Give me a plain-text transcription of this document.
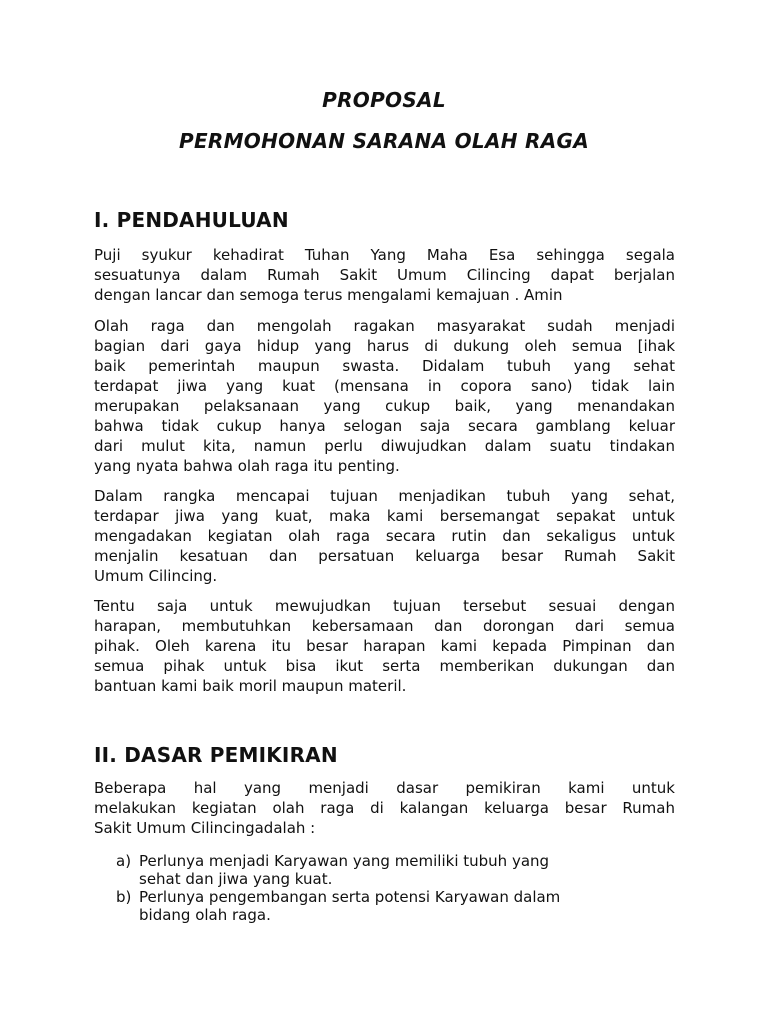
PROPOSAL
PERMOHONAN SARANA OLAH RAGA
I. PENDAHULUAN
Puji syukur kehadirat Tuhan Yang Maha Esa sehingga segala
sesuatunya dalam Rumah Sakit Umum Cilincing dapat berjalan
dengan lancar dan semoga terus mengalami kemajuan . Amin
Olah raga dan mengolah ragakan masyarakat sudah menjadi
bagian dari gaya hidup yang harus di dukung oleh semua [ihak
baik pemerintah maupun swasta. Didalam tubuh yang sehat
terdapat jiwa yang kuat (mensana in copora sano) tidak lain
merupakan pelaksanaan yang cukup baik, yang menandakan
bahwa tidak cukup hanya selogan saja secara gamblang keluar
dari mulut kita, namun perlu diwujudkan dalam suatu tindakan
yang nyata bahwa olah raga itu penting.
Dalam rangka mencapai tujuan menjadikan tubuh yang sehat,
terdapar jiwa yang kuat, maka kami bersemangat sepakat untuk
mengadakan kegiatan olah raga secara rutin dan sekaligus untuk
menjalin kesatuan dan persatuan keluarga besar Rumah Sakit
Umum Cilincing.
Tentu saja untuk mewujudkan tujuan tersebut sesuai dengan
harapan, membutuhkan kebersamaan dan dorongan dari semua
pihak. Oleh karena itu besar harapan kami kepada Pimpinan dan
semua pihak untuk bisa ikut serta memberikan dukungan dan
bantuan kami baik moril maupun materil.
II. DASAR PEMIKIRAN
Beberapa hal yang menjadi dasar pemikiran kami untuk
melakukan kegiatan olah raga di kalangan keluarga besar Rumah
Sakit Umum Cilincingadalah :
a) Perlunya menjadi Karyawan yang memiliki tubuh yang
sehat dan jiwa yang kuat.
b) Perlunya pengembangan serta potensi Karyawan dalam
bidang olah raga.
